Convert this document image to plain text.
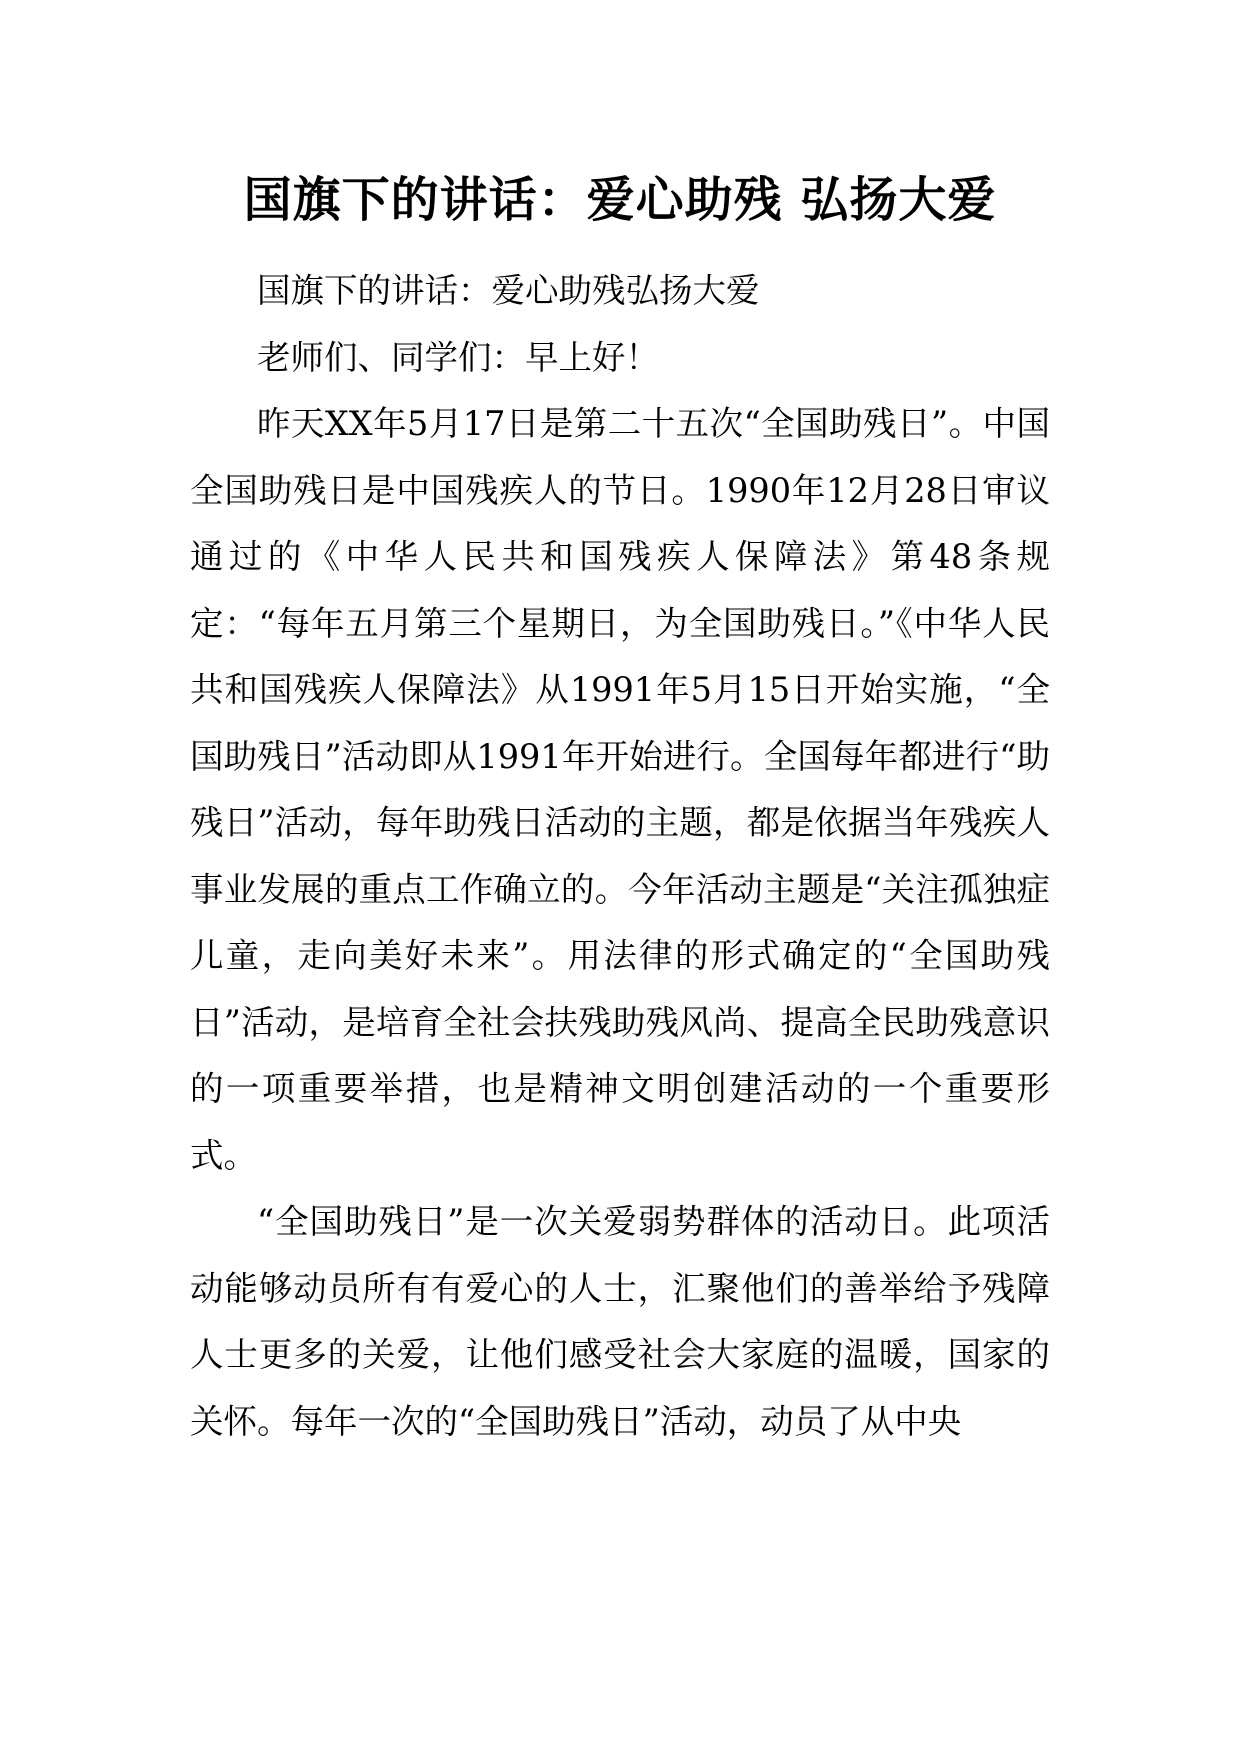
国旗下的讲话：爱心助残 弘扬大爱

国旗下的讲话：爱心助残弘扬大爱

老师们、同学们：早上好！

昨天XX年5月17日是第二十五次“全国助残日”。中国全国助残日是中国残疾人的节日。1990年12月28日审议通过的《中华人民共和国残疾人保障法》第48条规定：“每年五月第三个星期日，为全国助残日。”《中华人民共和国残疾人保障法》从1991年5月15日开始实施，“全国助残日”活动即从1991年开始进行。全国每年都进行“助残日”活动，每年助残日活动的主题，都是依据当年残疾人事业发展的重点工作确立的。今年活动主题是“关注孤独症儿童，走向美好未来”。用法律的形式确定的“全国助残日”活动，是培育全社会扶残助残风尚、提高全民助残意识的一项重要举措，也是精神文明创建活动的一个重要形式。

“全国助残日”是一次关爱弱势群体的活动日。此项活动能够动员所有有爱心的人士，汇聚他们的善举给予残障人士更多的关爱，让他们感受社会大家庭的温暖，国家的关怀。每年一次的“全国助残日”活动，动员了从中央
